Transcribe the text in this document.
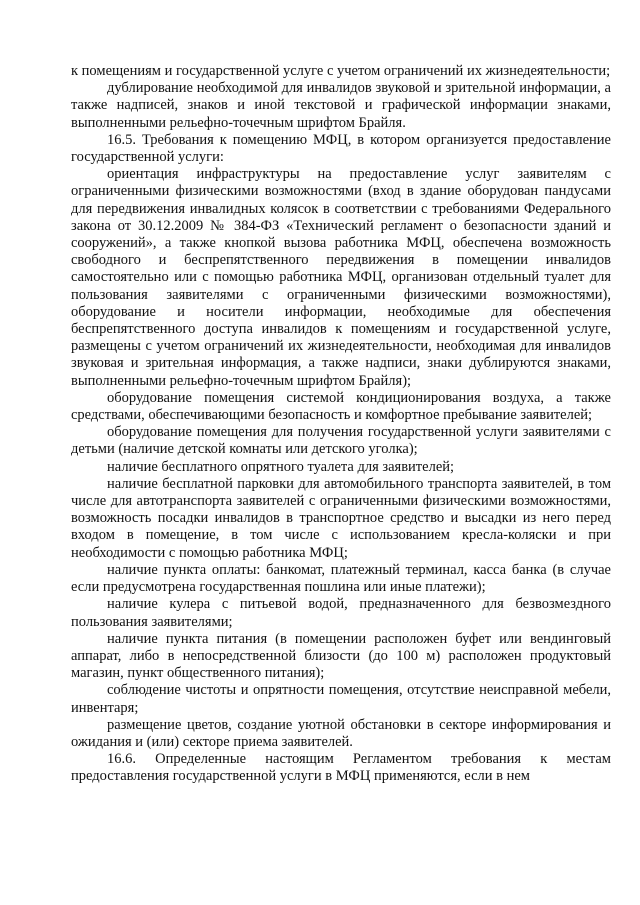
к помещениям и государственной услуге с учетом ограничений их жизнедеятельности;

дублирование необходимой для инвалидов звуковой и зрительной информации, а также надписей, знаков и иной текстовой и графической информации знаками, выполненными рельефно-точечным шрифтом Брайля.

16.5. Требования к помещению МФЦ, в котором организуется предоставление государственной услуги:

ориентация инфраструктуры на предоставление услуг заявителям с ограниченными физическими возможностями (вход в здание оборудован пандусами для передвижения инвалидных колясок в соответствии с требованиями Федерального закона от 30.12.2009 № 384-ФЗ «Технический регламент о безопасности зданий и сооружений», а также кнопкой вызова работника МФЦ, обеспечена возможность свободного и беспрепятственного передвижения в помещении инвалидов самостоятельно или с помощью работника МФЦ, организован отдельный туалет для пользования заявителями с ограниченными физическими возможностями), оборудование и носители информации, необходимые для обеспечения беспрепятственного доступа инвалидов к помещениям и государственной услуге, размещены с учетом ограничений их жизнедеятельности, необходимая для инвалидов звуковая и зрительная информация, а также надписи, знаки дублируются знаками, выполненными рельефно-точечным шрифтом Брайля);

оборудование помещения системой кондиционирования воздуха, а также средствами, обеспечивающими безопасность и комфортное пребывание заявителей;

оборудование помещения для получения государственной услуги заявителями с детьми (наличие детской комнаты или детского уголка);

наличие бесплатного опрятного туалета для заявителей;

наличие бесплатной парковки для автомобильного транспорта заявителей, в том числе для автотранспорта заявителей с ограниченными физическими возможностями, возможность посадки инвалидов в транспортное средство и высадки из него перед входом в помещение, в том числе с использованием кресла-коляски и при необходимости с помощью работника МФЦ;

наличие пункта оплаты: банкомат, платежный терминал, касса банка (в случае если предусмотрена государственная пошлина или иные платежи);

наличие кулера с питьевой водой, предназначенного для безвозмездного пользования заявителями;

наличие пункта питания (в помещении расположен буфет или вендинговый аппарат, либо в непосредственной близости (до 100 м) расположен продуктовый магазин, пункт общественного питания);

соблюдение чистоты и опрятности помещения, отсутствие неисправной мебели, инвентаря;

размещение цветов, создание уютной обстановки в секторе информирования и ожидания и (или) секторе приема заявителей.

16.6. Определенные настоящим Регламентом требования к местам предоставления государственной услуги в МФЦ применяются, если в нем
